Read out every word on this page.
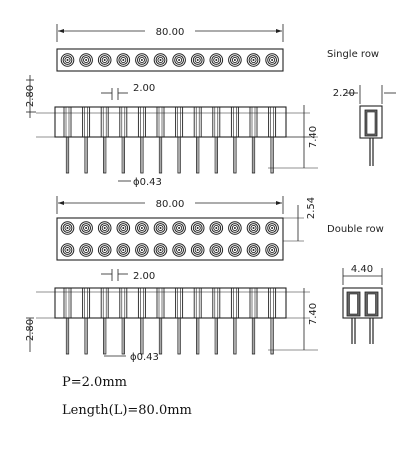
80.00
Single row
2.80	2.00
7.40
ϕ0.43
2.20
80.00	2.54
Double row
2.00
2.80
7.40
ϕ0.43
4.40
P=2.0mm
Length(L)=80.0mm
